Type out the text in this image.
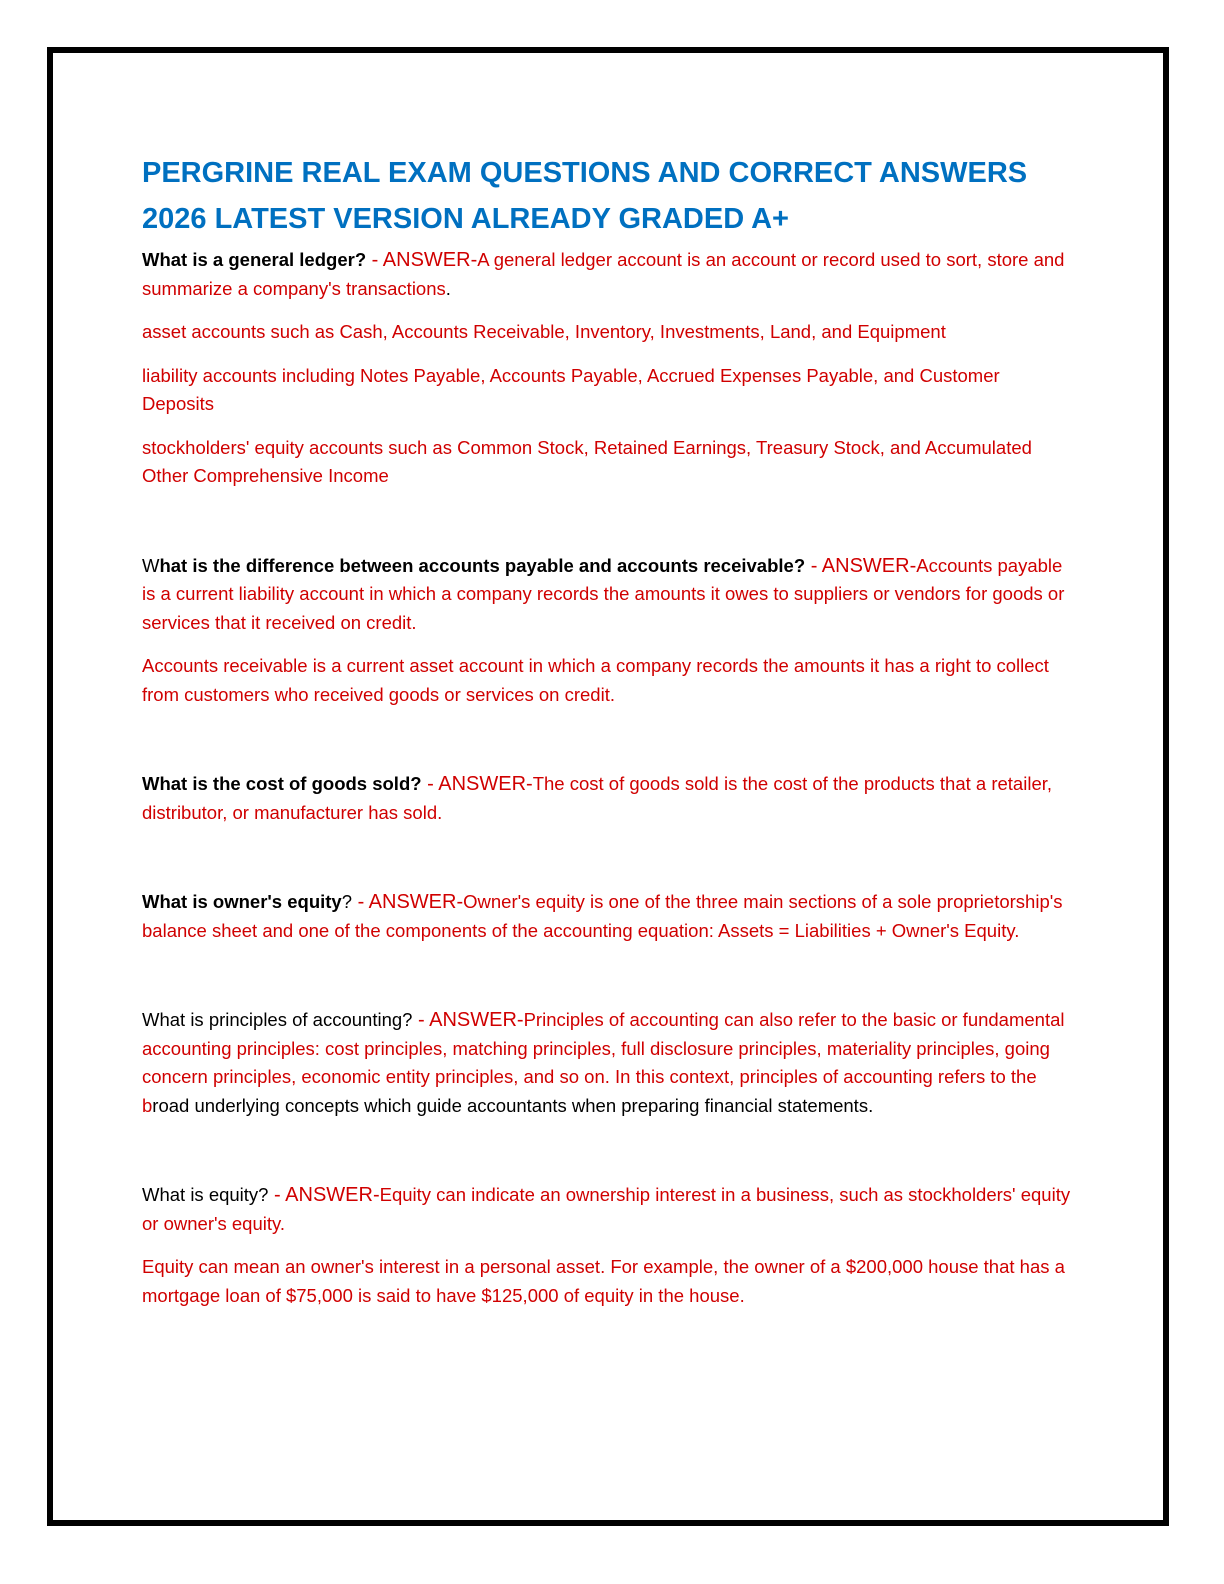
PERGRINE REAL EXAM QUESTIONS AND CORRECT ANSWERS
2026 LATEST VERSION ALREADY GRADED A+

What is a general ledger? - ANSWER-A general ledger account is an account or record used to sort, store and summarize a company's transactions.

asset accounts such as Cash, Accounts Receivable, Inventory, Investments, Land, and Equipment

liability accounts including Notes Payable, Accounts Payable, Accrued Expenses Payable, and Customer Deposits

stockholders' equity accounts such as Common Stock, Retained Earnings, Treasury Stock, and Accumulated Other Comprehensive Income

What is the difference between accounts payable and accounts receivable? - ANSWER-Accounts payable is a current liability account in which a company records the amounts it owes to suppliers or vendors for goods or services that it received on credit.

Accounts receivable is a current asset account in which a company records the amounts it has a right to collect from customers who received goods or services on credit.

What is the cost of goods sold? - ANSWER-The cost of goods sold is the cost of the products that a retailer, distributor, or manufacturer has sold.

What is owner's equity? - ANSWER-Owner's equity is one of the three main sections of a sole proprietorship's balance sheet and one of the components of the accounting equation: Assets = Liabilities + Owner's Equity.

What is principles of accounting? - ANSWER-Principles of accounting can also refer to the basic or fundamental accounting principles: cost principles, matching principles, full disclosure principles, materiality principles, going concern principles, economic entity principles, and so on. In this context, principles of accounting refers to the broad underlying concepts which guide accountants when preparing financial statements.

What is equity? - ANSWER-Equity can indicate an ownership interest in a business, such as stockholders' equity or owner's equity.

Equity can mean an owner's interest in a personal asset. For example, the owner of a $200,000 house that has a mortgage loan of $75,000 is said to have $125,000 of equity in the house.
